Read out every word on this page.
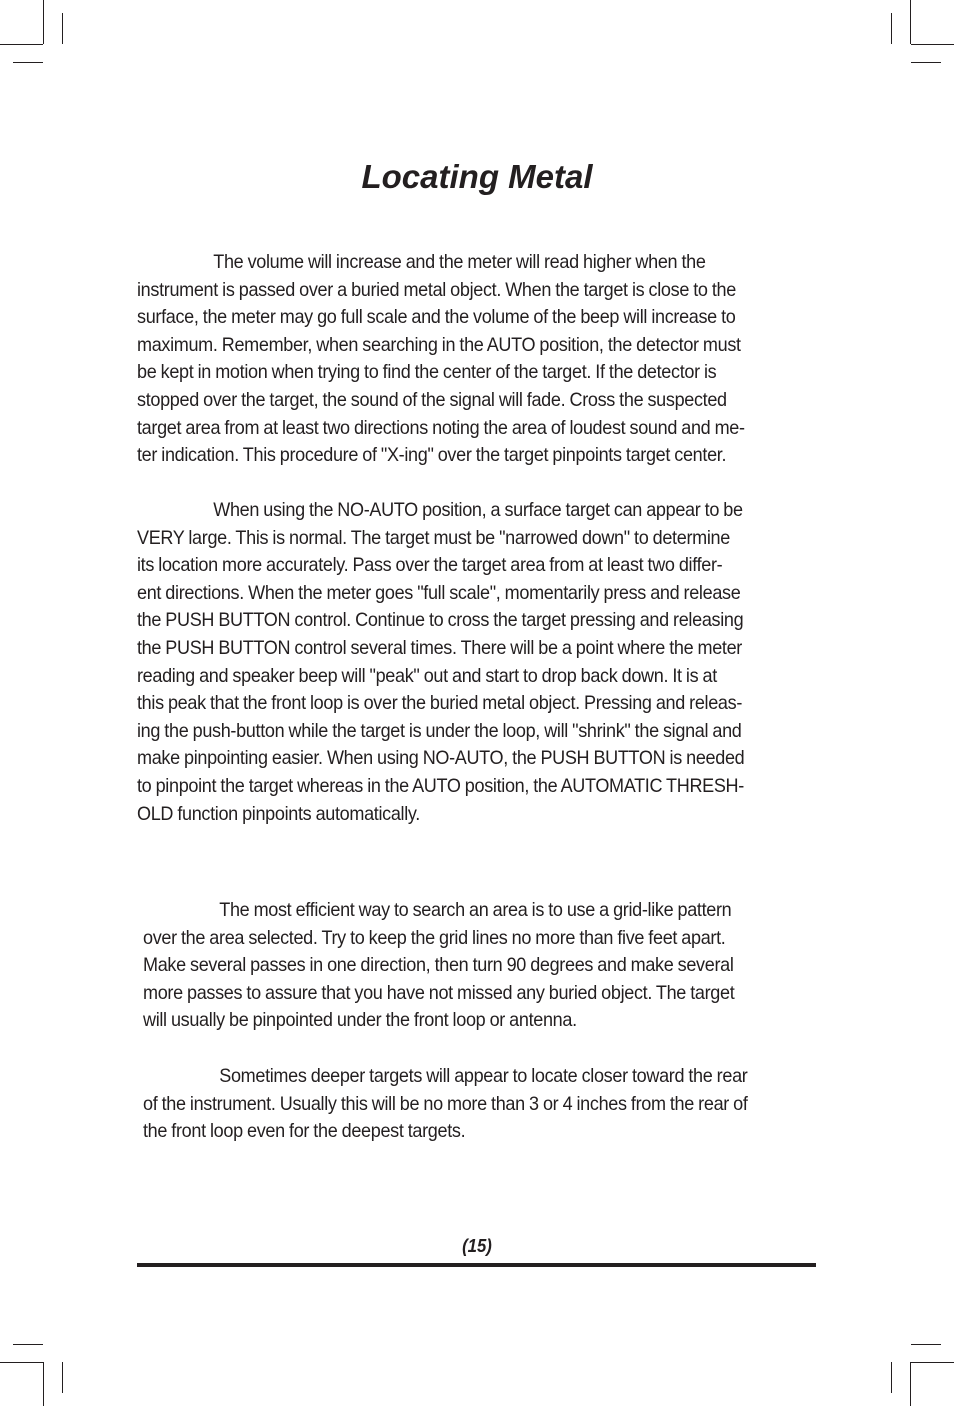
Locating Metal

The volume will increase and the meter will read higher when the
instrument is passed over a buried metal object. When the target is close to the
surface, the meter may go full scale and the volume of the beep will increase to
maximum. Remember, when searching in the AUTO position, the detector must
be kept in motion when trying to find the center of the target. If the detector is
stopped over the target, the sound of the signal will fade. Cross the suspected
target area from at least two directions noting the area of loudest sound and me-
ter indication. This procedure of "X-ing" over the target pinpoints target center.

When using the NO-AUTO position, a surface target can appear to be
VERY large. This is normal. The target must be "narrowed down" to determine
its location more accurately. Pass over the target area from at least two differ-
ent directions. When the meter goes "full scale", momentarily press and release
the PUSH BUTTON control. Continue to cross the target pressing and releasing
the PUSH BUTTON control several times. There will be a point where the meter
reading and speaker beep will "peak" out and start to drop back down. It is at
this peak that the front loop is over the buried metal object. Pressing and releas-
ing the push-button while the target is under the loop, will "shrink" the signal and
make pinpointing easier. When using NO-AUTO, the PUSH BUTTON is needed
to pinpoint the target whereas in the AUTO position, the AUTOMATIC THRESH-
OLD function pinpoints automatically.

The most efficient way to search an area is to use a grid-like pattern
over the area selected. Try to keep the grid lines no more than five feet apart.
Make several passes in one direction, then turn 90 degrees and make several
more passes to assure that you have not missed any buried object. The target
will usually be pinpointed under the front loop or antenna.

Sometimes deeper targets will appear to locate closer toward the rear
of the instrument. Usually this will be no more than 3 or 4 inches from the rear of
the front loop even for the deepest targets.

(15)
